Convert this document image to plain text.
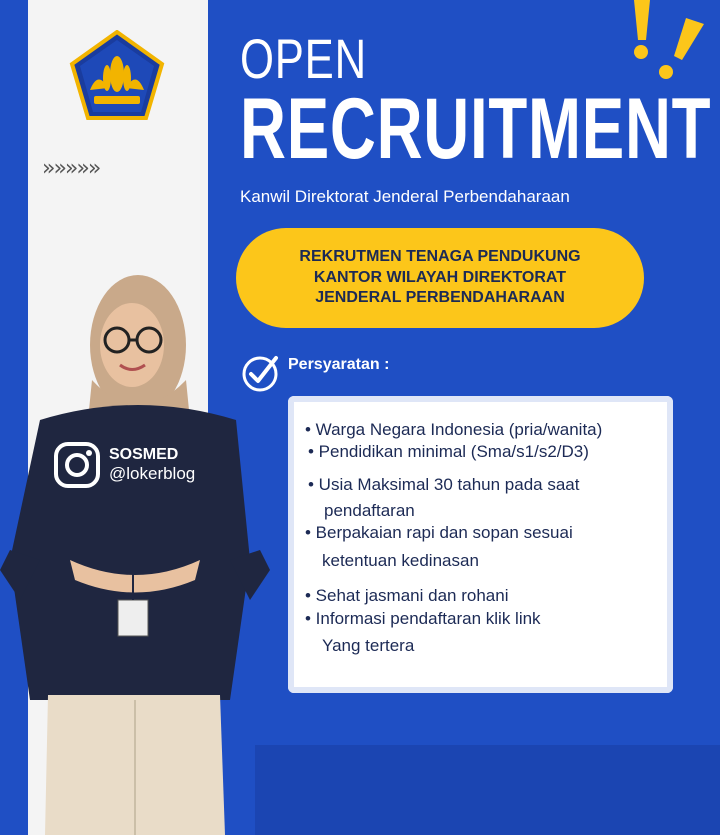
»»»»»
OPEN
RECRUITMENT
Kanwil Direktorat Jenderal Perbendaharaan
REKRUTMEN TENAGA PENDUKUNG
KANTOR WILAYAH DIREKTORAT
JENDERAL PERBENDAHARAAN
Persyaratan :
• Warga Negara Indonesia (pria/wanita)
• Pendidikan minimal (Sma/s1/s2/D3)
• Usia Maksimal 30 tahun pada saat
pendaftaran
• Berpakaian rapi dan sopan sesuai
ketentuan kedinasan
• Sehat jasmani dan rohani
• Informasi pendaftaran klik link
Yang tertera
SOSMED
@lokerblog
